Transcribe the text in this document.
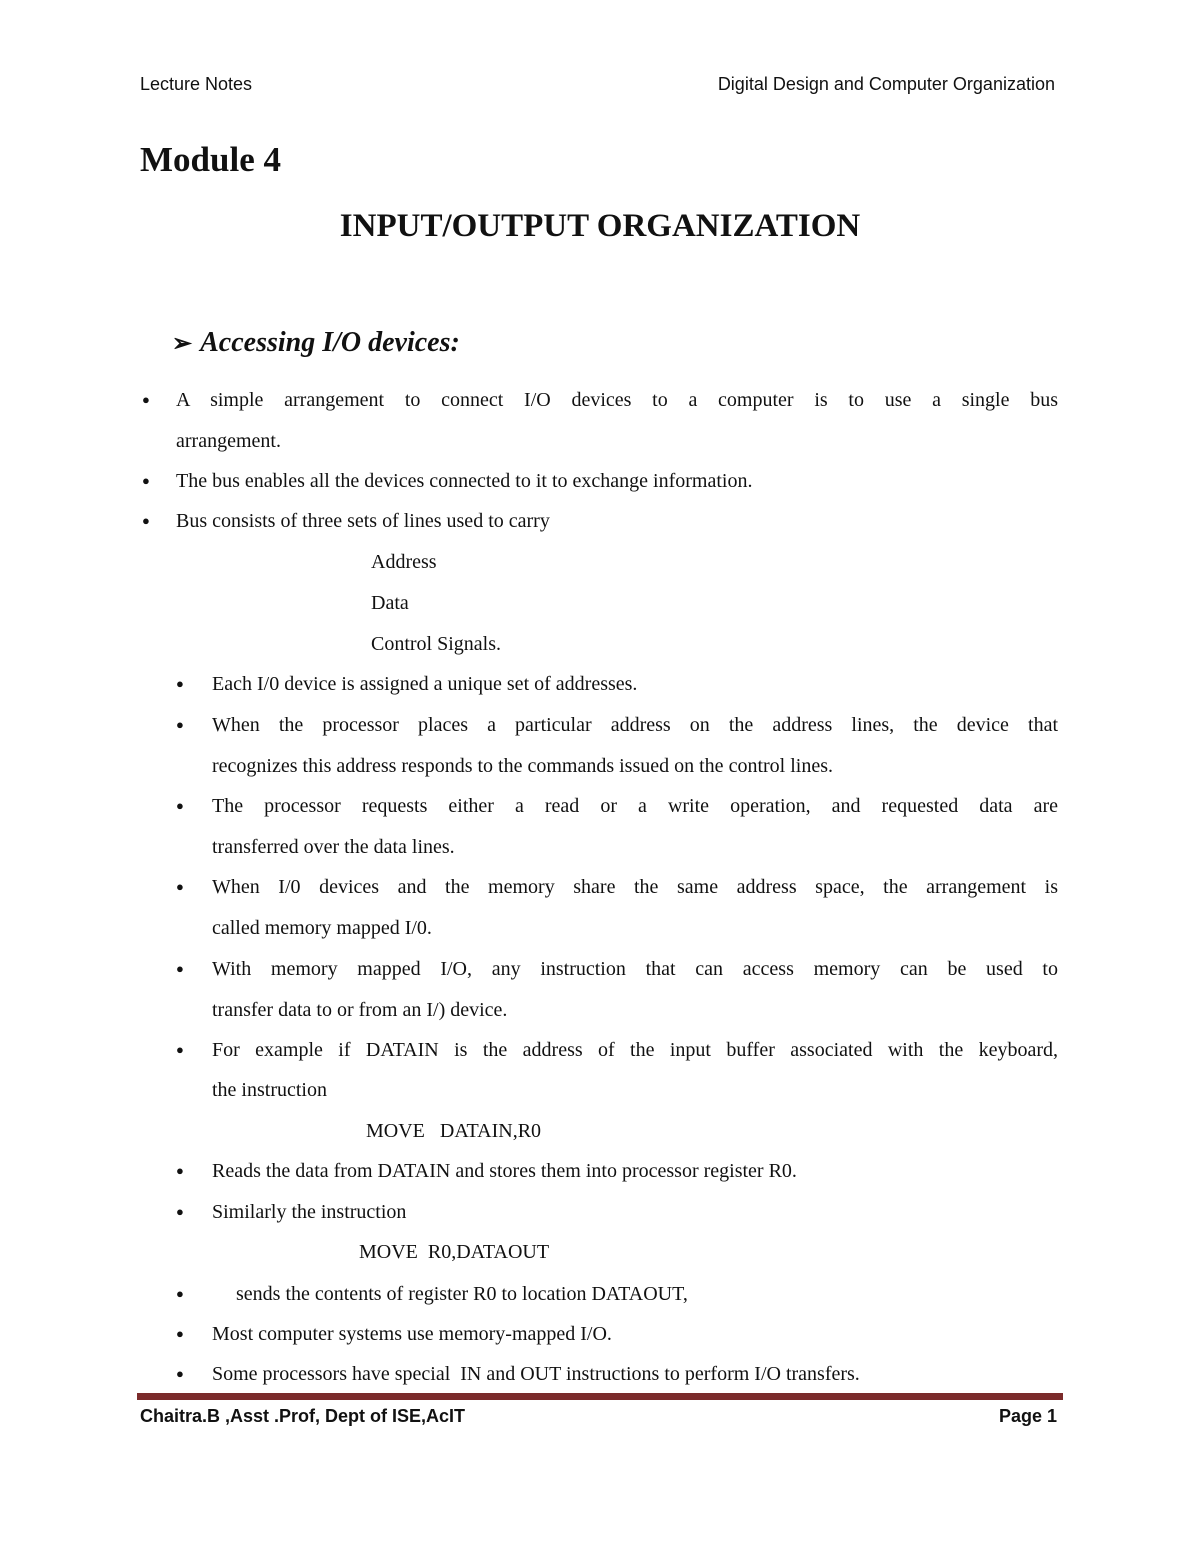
Lecture Notes	Digital Design and Computer Organization
Module 4
INPUT/OUTPUT ORGANIZATION
➢ Accessing I/O devices:
● A simple arrangement to connect I/O devices to a computer is to use a single bus
arrangement.
● The bus enables all the devices connected to it to exchange information.
● Bus consists of three sets of lines used to carry
Address
Data
Control Signals.
● Each I/0 device is assigned a unique set of addresses.
● When the processor places a particular address on the address lines, the device that
recognizes this address responds to the commands issued on the control lines.
● The processor requests either a read or a write operation, and requested data are
transferred over the data lines.
● When I/0 devices and the memory share the same address space, the arrangement is
called memory mapped I/0.
● With memory mapped I/O, any instruction that can access memory can be used to
transfer data to or from an I/) device.
● For example if DATAIN is the address of the input buffer associated with the keyboard,
the instruction
MOVE   DATAIN,R0
● Reads the data from DATAIN and stores them into processor register R0.
● Similarly the instruction
MOVE  R0,DATAOUT
●	sends the contents of register R0 to location DATAOUT,
● Most computer systems use memory-mapped I/O.
● Some processors have special  IN and OUT instructions to perform I/O transfers.
Chaitra.B ,Asst .Prof, Dept of ISE,AcIT	Page 1
